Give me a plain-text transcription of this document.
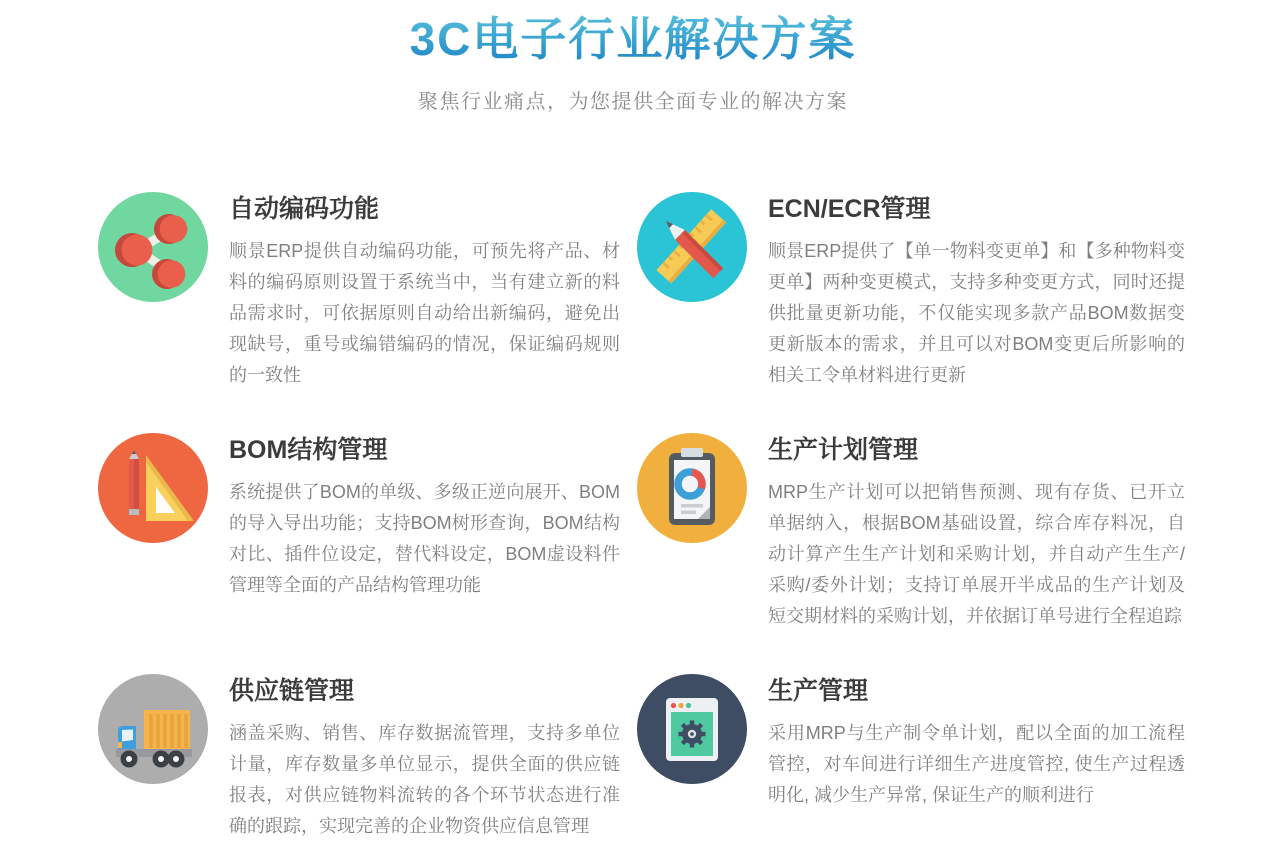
3C电子行业解决方案

聚焦行业痛点，为您提供全面专业的解决方案

自动编码功能

顺景ERP提供自动编码功能，可预先将产品、材料的编码原则设置于系统当中，当有建立新的料品需求时，可依据原则自动给出新编码，避免出现缺号，重号或编错编码的情况，保证编码规则的一致性

ECN/ECR管理

顺景ERP提供了【单一物料变更单】和【多种物料变更单】两种变更模式，支持多种变更方式，同时还提供批量更新功能，不仅能实现多款产品BOM数据变更新版本的需求，并且可以对BOM变更后所影响的相关工令单材料进行更新

BOM结构管理

系统提供了BOM的单级、多级正逆向展开、BOM的导入导出功能；支持BOM树形查询，BOM结构对比、插件位设定，替代料设定，BOM虚设料件管理等全面的产品结构管理功能

生产计划管理

MRP生产计划可以把销售预测、现有存货、已开立单据纳入，根据BOM基础设置，综合库存料况，自动计算产生生产计划和采购计划，并自动产生生产/采购/委外计划；支持订单展开半成品的生产计划及短交期材料的采购计划，并依据订单号进行全程追踪

供应链管理

涵盖采购、销售、库存数据流管理，支持多单位计量，库存数量多单位显示，提供全面的供应链报表，对供应链物料流转的各个环节状态进行准确的跟踪，实现完善的企业物资供应信息管理

生产管理

采用MRP与生产制令单计划，配以全面的加工流程管控，对车间进行详细生产进度管控, 使生产过程透明化, 减少生产异常, 保证生产的顺利进行
